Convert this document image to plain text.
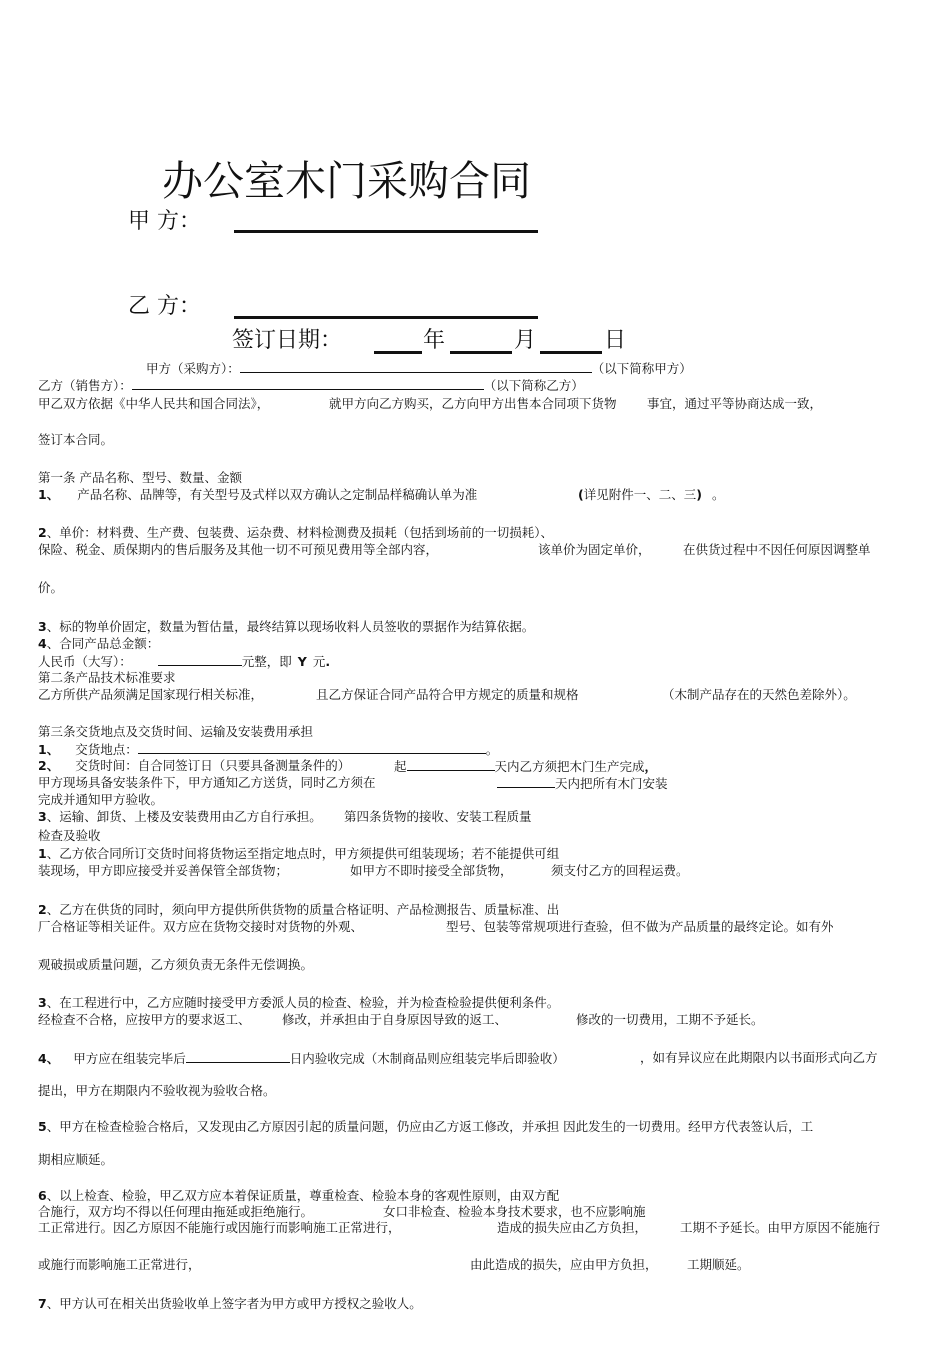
办公室木门采购合同
甲 方：
乙 方：
签订日期：	年	月	日
甲方（采购方）：	（以下简称甲方）
乙方（销售方）：	（以下简称乙方）
甲乙双方依据《中华人民共和国合同法》，	就甲方向乙方购买，乙方向甲方出售本合同项下货物 事宜，通过平等协商达成一致，
签订本合同。
第一条 产品名称、型号、数量、金额
1、 产品名称、品牌等，有关型号及式样以双方确认之定制品样稿确认单为准	(详见附件一、二、三) 。
2、单价：材料费、生产费、包装费、运杂费、材料检测费及损耗（包括到场前的一切损耗）、
保险、税金、质保期内的售后服务及其他一切不可预见费用等全部内容，	该单价为固定单价，	在供货过程中不因任何原因调整单
价。
3、标的物单价固定，数量为暂估量，最终结算以现场收料人员签收的票据作为结算依据。
4、合同产品总金额：
人民币（大写）：	元整，即 Y 元.
第二条产品技术标准要求
乙方所供产品须满足国家现行相关标准，	且乙方保证合同产品符合甲方规定的质量和规格	（木制产品存在的天然色差除外）。
第三条交货地点及交货时间、运输及安装费用承担
1、 交货地点：	。
2、 交货时间：自合同签订日（只要具备测量条件的）	起	天内乙方须把木门生产完成，
甲方现场具备安装条件下，甲方通知乙方送货，同时乙方须在	天内把所有木门安装
完成并通知甲方验收。
3、运输、卸货、上楼及安装费用由乙方自行承担。 第四条货物的接收、安装工程质量
检查及验收
1、乙方依合同所订交货时间将货物运至指定地点时，甲方须提供可组装现场；若不能提供可组
装现场，甲方即应接受并妥善保管全部货物；	如甲方不即时接受全部货物，	须支付乙方的回程运费。
2、乙方在供货的同时，须向甲方提供所供货物的质量合格证明、产品检测报告、质量标准、出
厂合格证等相关证件。双方应在货物交接时对货物的外观、	型号、包装等常规项进行查验，但不做为产品质量的最终定论。如有外
观破损或质量问题，乙方须负责无条件无偿调换。
3、在工程进行中，乙方应随时接受甲方委派人员的检查、检验，并为检查检验提供便利条件。
经检查不合格，应按甲方的要求返工、	修改，并承担由于自身原因导致的返工、	修改的一切费用，工期不予延长。
4、 甲方应在组装完毕后	日内验收完成（木制商品则应组装完毕后即验收）	，如有异议应在此期限内以书面形式向乙方
提出，甲方在期限内不验收视为验收合格。
5、甲方在检查检验合格后，又发现由乙方原因引起的质量问题，仍应由乙方返工修改，并承担 因此发生的一切费用。经甲方代表签认后，工
期相应顺延。
6、以上检查、检验，甲乙双方应本着保证质量，尊重检查、检验本身的客观性原则，由双方配
合施行，双方均不得以任何理由拖延或拒绝施行。	女口非检查、检验本身技术要求，也不应影响施
工正常进行。因乙方原因不能施行或因施行而影响施工正常进行，	造成的损失应由乙方负担，	工期不予延长。由甲方原因不能施行
或施行而影响施工正常进行，	由此造成的损失，应由甲方负担， 工期顺延。
7、甲方认可在相关出货验收单上签字者为甲方或甲方授权之验收人。
